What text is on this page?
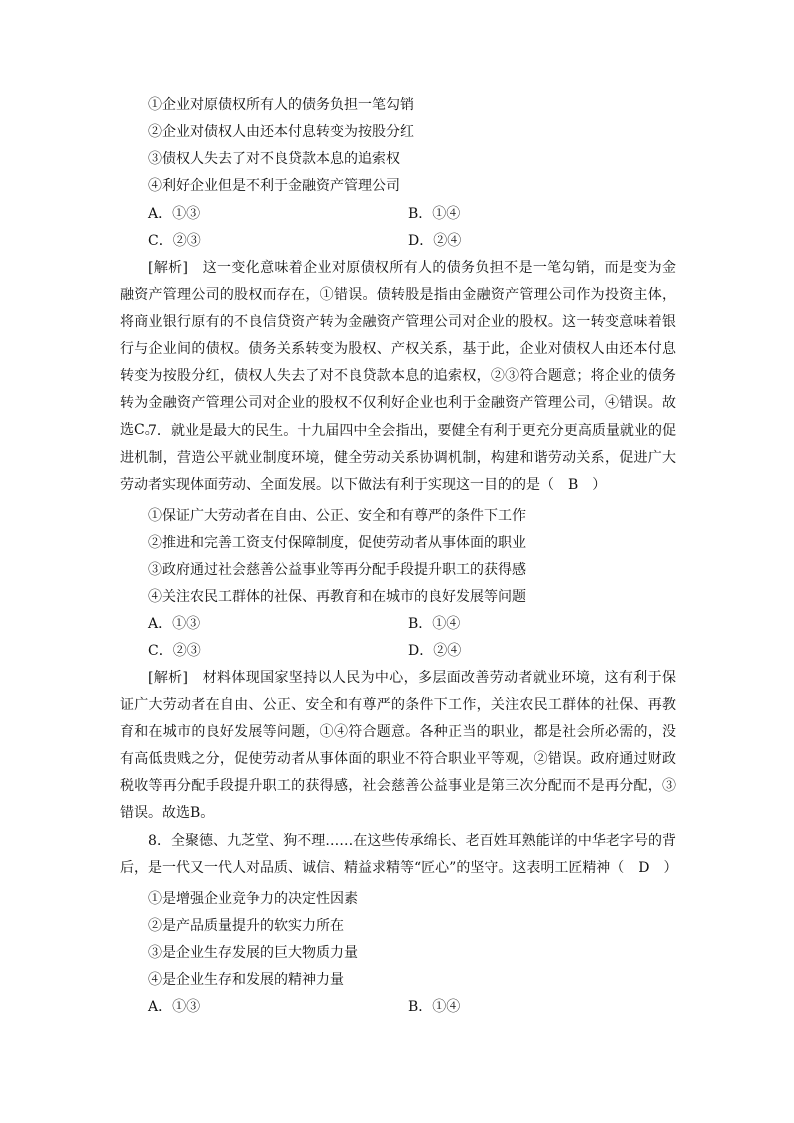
①企业对原债权所有人的债务负担一笔勾销
②企业对债权人由还本付息转变为按股分红
③债权人失去了对不良贷款本息的追索权
④利好企业但是不利于金融资产管理公司
A．①③	B．①④
C．②③	D．②④
[解析]　这一变化意味着企业对原债权所有人的债务负担不是一笔勾销，而是变为金融资产管理公司的股权而存在，①错误。债转股是指由金融资产管理公司作为投资主体，将商业银行原有的不良信贷资产转为金融资产管理公司对企业的股权。这一转变意味着银行与企业间的债权。债务关系转变为股权、产权关系，基于此，企业对债权人由还本付息转变为按股分红，债权人失去了对不良贷款本息的追索权，②③符合题意；将企业的债务转为金融资产管理公司对企业的股权不仅利好企业也利于金融资产管理公司，④错误。故选C。
7．就业是最大的民生。十九届四中全会指出，要健全有利于更充分更高质量就业的促进机制，营造公平就业制度环境，健全劳动关系协调机制，构建和谐劳动关系，促进广大劳动者实现体面劳动、全面发展。以下做法有利于实现这一目的的是（　B　）
①保证广大劳动者在自由、公正、安全和有尊严的条件下工作
②推进和完善工资支付保障制度，促使劳动者从事体面的职业
③政府通过社会慈善公益事业等再分配手段提升职工的获得感
④关注农民工群体的社保、再教育和在城市的良好发展等问题
A．①③	B．①④
C．②③	D．②④
[解析]　材料体现国家坚持以人民为中心，多层面改善劳动者就业环境，这有利于保证广大劳动者在自由、公正、安全和有尊严的条件下工作，关注农民工群体的社保、再教育和在城市的良好发展等问题，①④符合题意。各种正当的职业，都是社会所必需的，没有高低贵贱之分，促使劳动者从事体面的职业不符合职业平等观，②错误。政府通过财政税收等再分配手段提升职工的获得感，社会慈善公益事业是第三次分配而不是再分配，③错误。故选B。
8．全聚德、九芝堂、狗不理……在这些传承绵长、老百姓耳熟能详的中华老字号的背后，是一代又一代人对品质、诚信、精益求精等“匠心”的坚守。这表明工匠精神（　D　）
①是增强企业竞争力的决定性因素
②是产品质量提升的软实力所在
③是企业生存发展的巨大物质力量
④是企业生存和发展的精神力量
A．①③	B．①④
